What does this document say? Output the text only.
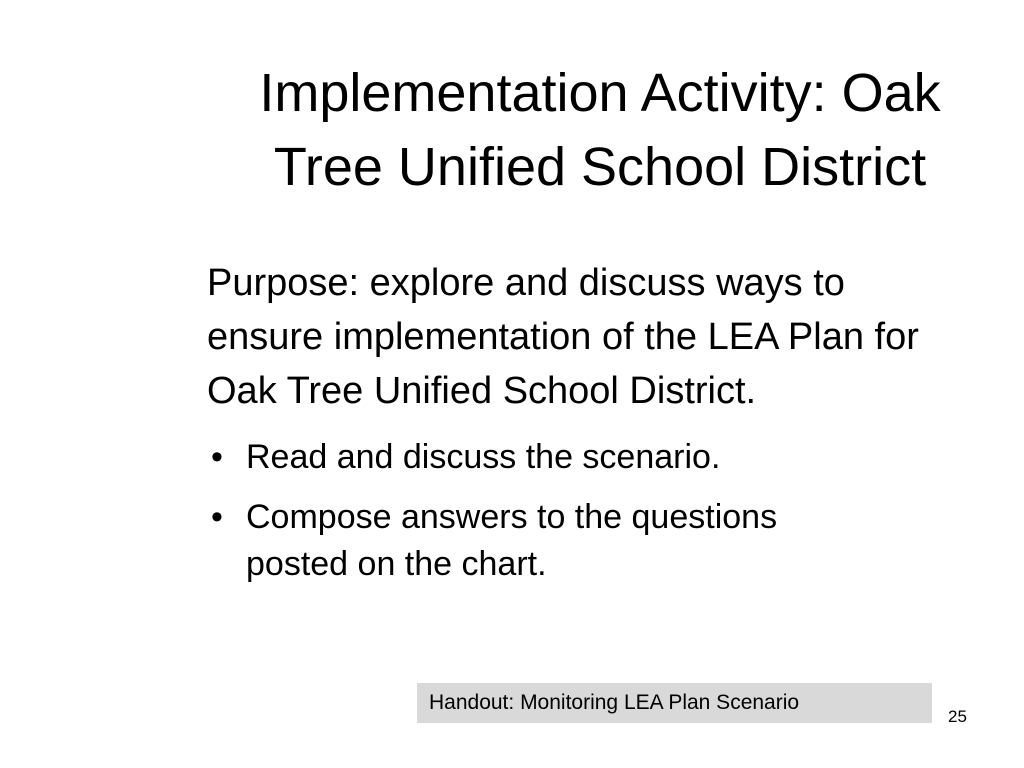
Implementation Activity: Oak Tree Unified School District

Purpose: explore and discuss ways to ensure implementation of the LEA Plan for Oak Tree Unified School District.

• Read and discuss the scenario.
• Compose answers to the questions posted on the chart.
Handout: Monitoring LEA Plan Scenario
25
